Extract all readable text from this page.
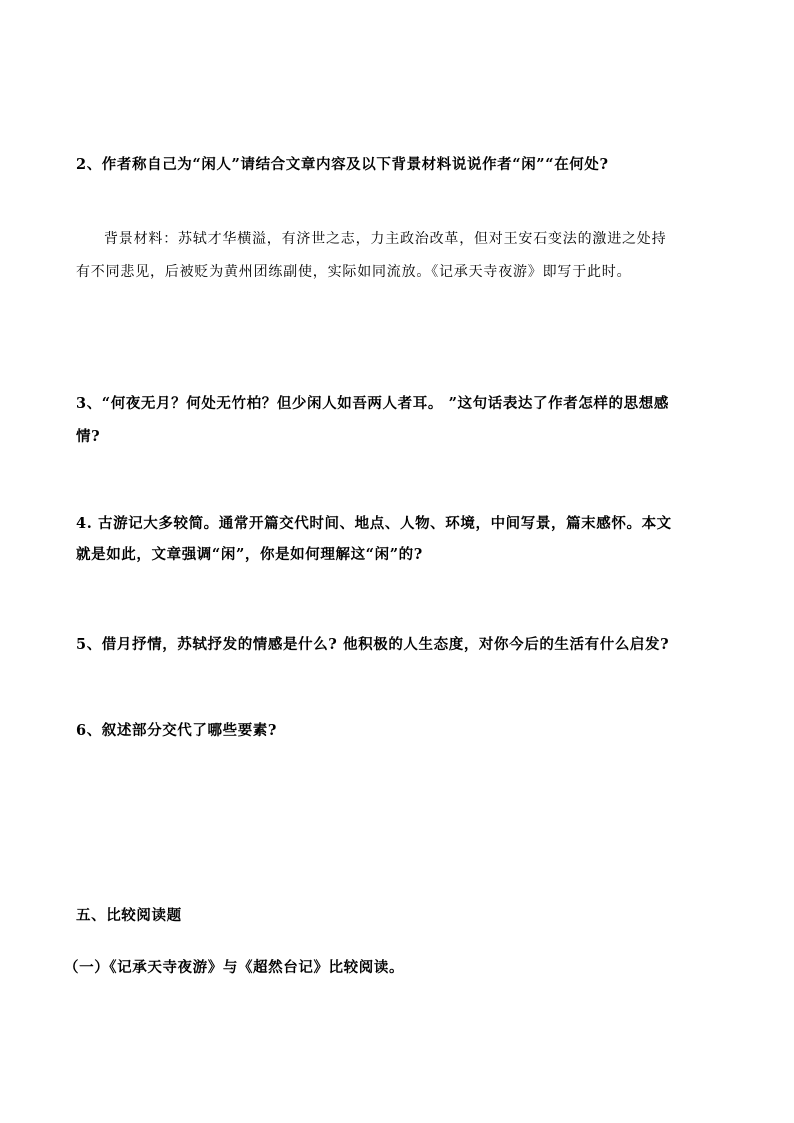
2、作者称自己为“闲人”请结合文章内容及以下背景材料说说作者“闲”“在何处?
背景材料：苏轼才华横溢，有济世之志，力主政治改革，但对王安石变法的激进之处持
有不同悲见，后被贬为黄州团练副使，实际如同流放。《记承天寺夜游》即写于此时。
3、“何夜无月？何处无竹柏？但少闲人如吾两人者耳。 ”这句话表达了作者怎样的思想感
情?
4. 古游记大多较简。通常开篇交代时间、地点、人物、环境，中间写景，篇末感怀。本文
就是如此，文章强调“闲”，你是如何理解这“闲”的?
5、借月抒情，苏轼抒发的情感是什么? 他积极的人生态度，对你今后的生活有什么启发?
6、叙述部分交代了哪些要素?
五、比较阅读题
（一）《记承天寺夜游》与《超然台记》比较阅读。
